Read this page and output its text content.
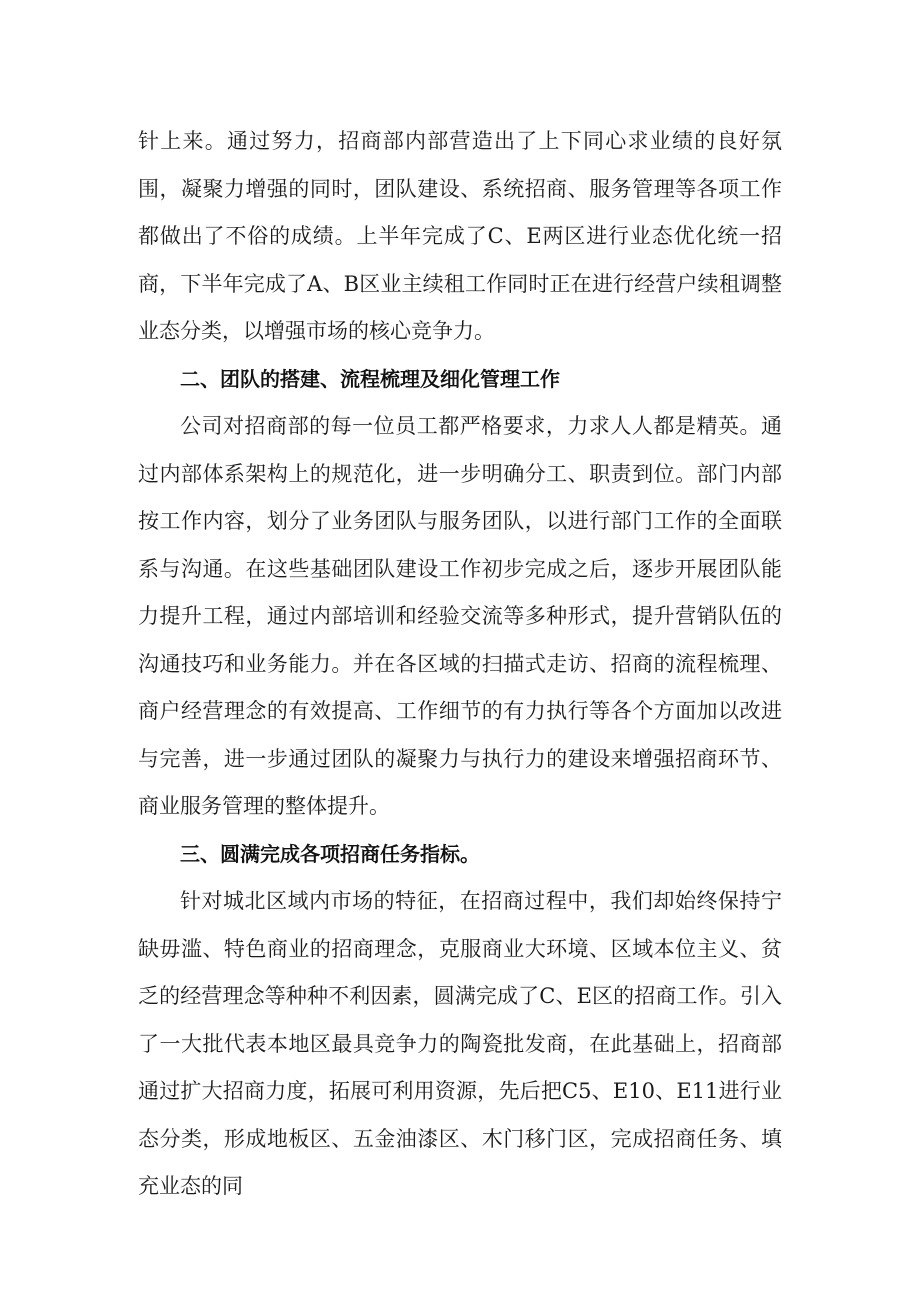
针上来。通过努力，招商部内部营造出了上下同心求业绩的良好氛围，凝聚力增强的同时，团队建设、系统招商、服务管理等各项工作都做出了不俗的成绩。上半年完成了C、E两区进行业态优化统一招商，下半年完成了A、B区业主续租工作同时正在进行经营户续租调整业态分类，以增强市场的核心竞争力。

二、团队的搭建、流程梳理及细化管理工作

公司对招商部的每一位员工都严格要求，力求人人都是精英。通过内部体系架构上的规范化，进一步明确分工、职责到位。部门内部按工作内容，划分了业务团队与服务团队，以进行部门工作的全面联系与沟通。在这些基础团队建设工作初步完成之后，逐步开展团队能力提升工程，通过内部培训和经验交流等多种形式，提升营销队伍的沟通技巧和业务能力。并在各区域的扫描式走访、招商的流程梳理、商户经营理念的有效提高、工作细节的有力执行等各个方面加以改进与完善，进一步通过团队的凝聚力与执行力的建设来增强招商环节、商业服务管理的整体提升。

三、圆满完成各项招商任务指标。

针对城北区域内市场的特征，在招商过程中，我们却始终保持宁缺毋滥、特色商业的招商理念，克服商业大环境、区域本位主义、贫乏的经营理念等种种不利因素，圆满完成了C、E区的招商工作。引入了一大批代表本地区最具竞争力的陶瓷批发商，在此基础上，招商部通过扩大招商力度，拓展可利用资源，先后把C5、E10、E11进行业态分类，形成地板区、五金油漆区、木门移门区，完成招商任务、填充业态的同
